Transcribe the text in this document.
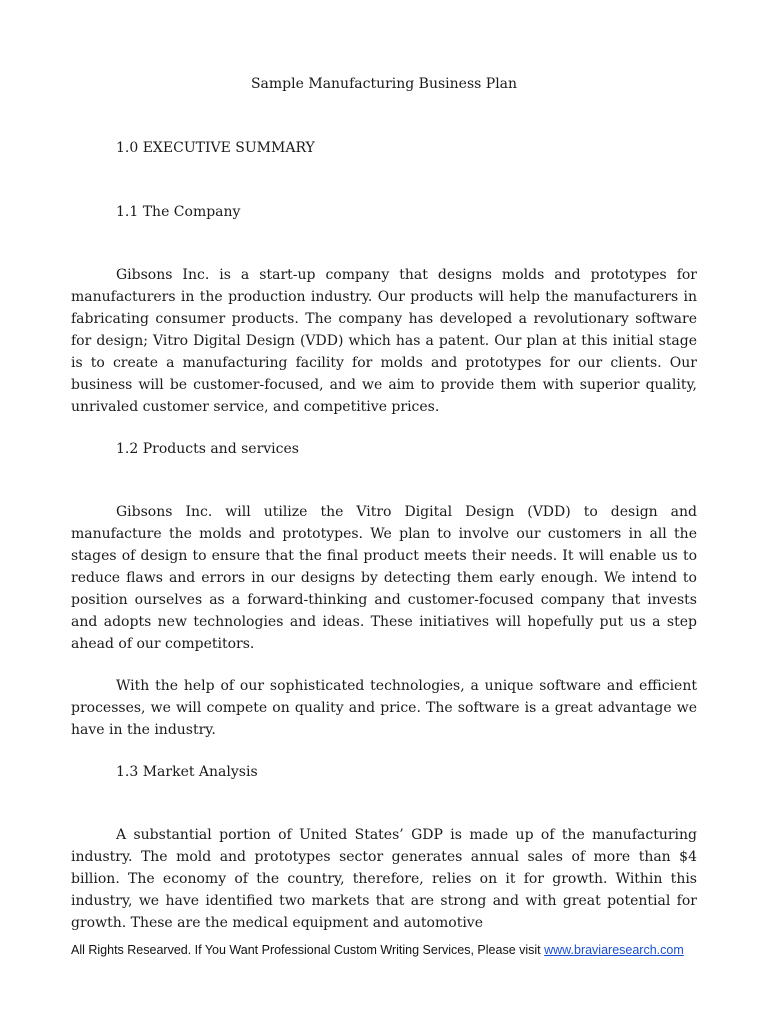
Sample Manufacturing Business Plan
1.0 EXECUTIVE SUMMARY
1.1 The Company

Gibsons Inc. is a start-up company that designs molds and prototypes for manufacturers in the production industry. Our products will help the manufacturers in fabricating consumer products. The company has developed a revolutionary software for design; Vitro Digital Design (VDD) which has a patent. Our plan at this initial stage is to create a manufacturing facility for molds and prototypes for our clients. Our business will be customer-focused, and we aim to provide them with superior quality, unrivaled customer service, and competitive prices.

1.2 Products and services

Gibsons Inc. will utilize the Vitro Digital Design (VDD) to design and manufacture the molds and prototypes. We plan to involve our customers in all the stages of design to ensure that the final product meets their needs. It will enable us to reduce flaws and errors in our designs by detecting them early enough. We intend to position ourselves as a forward-thinking and customer-focused company that invests and adopts new technologies and ideas. These initiatives will hopefully put us a step ahead of our competitors.

With the help of our sophisticated technologies, a unique software and efficient processes, we will compete on quality and price. The software is a great advantage we have in the industry.

1.3 Market Analysis

A substantial portion of United States’ GDP is made up of the manufacturing industry. The mold and prototypes sector generates annual sales of more than $4 billion. The economy of the country, therefore, relies on it for growth. Within this industry, we have identified two markets that are strong and with great potential for growth. These are the medical equipment and automotive

All Rights Researved. If You Want Professional Custom Writing Services, Please visit www.braviaresearch.com
